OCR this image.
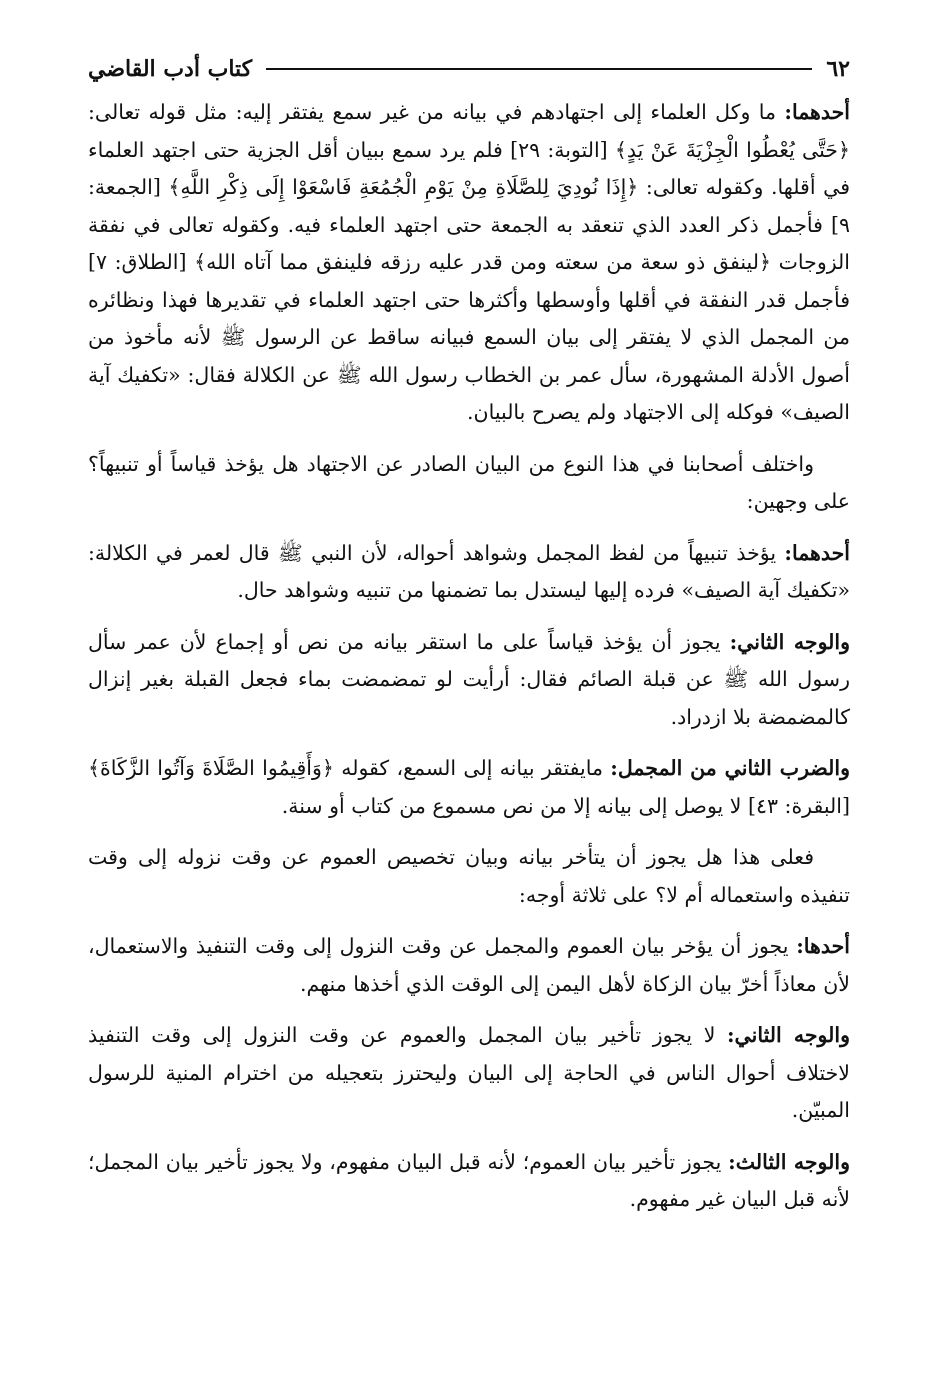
٦٢
كتاب أدب القاضي

أحدهما: ما وكل العلماء إلى اجتهادهم في بيانه من غير سمع يفتقر إليه: مثل قوله تعالى: ﴿حَتَّى يُعْطُوا الْجِزْيَةَ عَنْ يَدٍ﴾ [التوبة: ٢٩] فلم يرد سمع ببيان أقل الجزية حتى اجتهد العلماء في أقلها. وكقوله تعالى: ﴿إِذَا نُودِيَ لِلصَّلَاةِ مِنْ يَوْمِ الْجُمُعَةِ فَاسْعَوْا إِلَى ذِكْرِ اللَّهِ﴾ [الجمعة: ٩] فأجمل ذكر العدد الذي تنعقد به الجمعة حتى اجتهد العلماء فيه. وكقوله تعالى في نفقة الزوجات ﴿لينفق ذو سعة من سعته ومن قدر عليه رزقه فلينفق مما آتاه الله﴾ [الطلاق: ٧] فأجمل قدر النفقة في أقلها وأوسطها وأكثرها حتى اجتهد العلماء في تقديرها فهذا ونظائره من المجمل الذي لا يفتقر إلى بيان السمع فبيانه ساقط عن الرسول ﷺ لأنه مأخوذ من أصول الأدلة المشهورة، سأل عمر بن الخطاب رسول الله ﷺ عن الكلالة فقال: «تكفيك آية الصيف» فوكله إلى الاجتهاد ولم يصرح بالبيان.

واختلف أصحابنا في هذا النوع من البيان الصادر عن الاجتهاد هل يؤخذ قياساً أو تنبيهاً؟ على وجهين:

أحدهما: يؤخذ تنبيهاً من لفظ المجمل وشواهد أحواله، لأن النبي ﷺ قال لعمر في الكلالة: «تكفيك آية الصيف» فرده إليها ليستدل بما تضمنها من تنبيه وشواهد حال.

والوجه الثاني: يجوز أن يؤخذ قياساً على ما استقر بيانه من نص أو إجماع لأن عمر سأل رسول الله ﷺ عن قبلة الصائم فقال: أرأيت لو تمضمضت بماء فجعل القبلة بغير إنزال كالمضمضة بلا ازدراد.

والضرب الثاني من المجمل: مايفتقر بيانه إلى السمع، كقوله ﴿وَأَقِيمُوا الصَّلَاةَ وَآتُوا الزَّكَاةَ﴾ [البقرة: ٤٣] لا يوصل إلى بيانه إلا من نص مسموع من كتاب أو سنة.

فعلى هذا هل يجوز أن يتأخر بيانه وبيان تخصيص العموم عن وقت نزوله إلى وقت تنفيذه واستعماله أم لا؟ على ثلاثة أوجه:

أحدها: يجوز أن يؤخر بيان العموم والمجمل عن وقت النزول إلى وقت التنفيذ والاستعمال، لأن معاذاً أخرّ بيان الزكاة لأهل اليمن إلى الوقت الذي أخذها منهم.

والوجه الثاني: لا يجوز تأخير بيان المجمل والعموم عن وقت النزول إلى وقت التنفيذ لاختلاف أحوال الناس في الحاجة إلى البيان وليحترز بتعجيله من اخترام المنية للرسول المبيّن.

والوجه الثالث: يجوز تأخير بيان العموم؛ لأنه قبل البيان مفهوم، ولا يجوز تأخير بيان المجمل؛ لأنه قبل البيان غير مفهوم.
